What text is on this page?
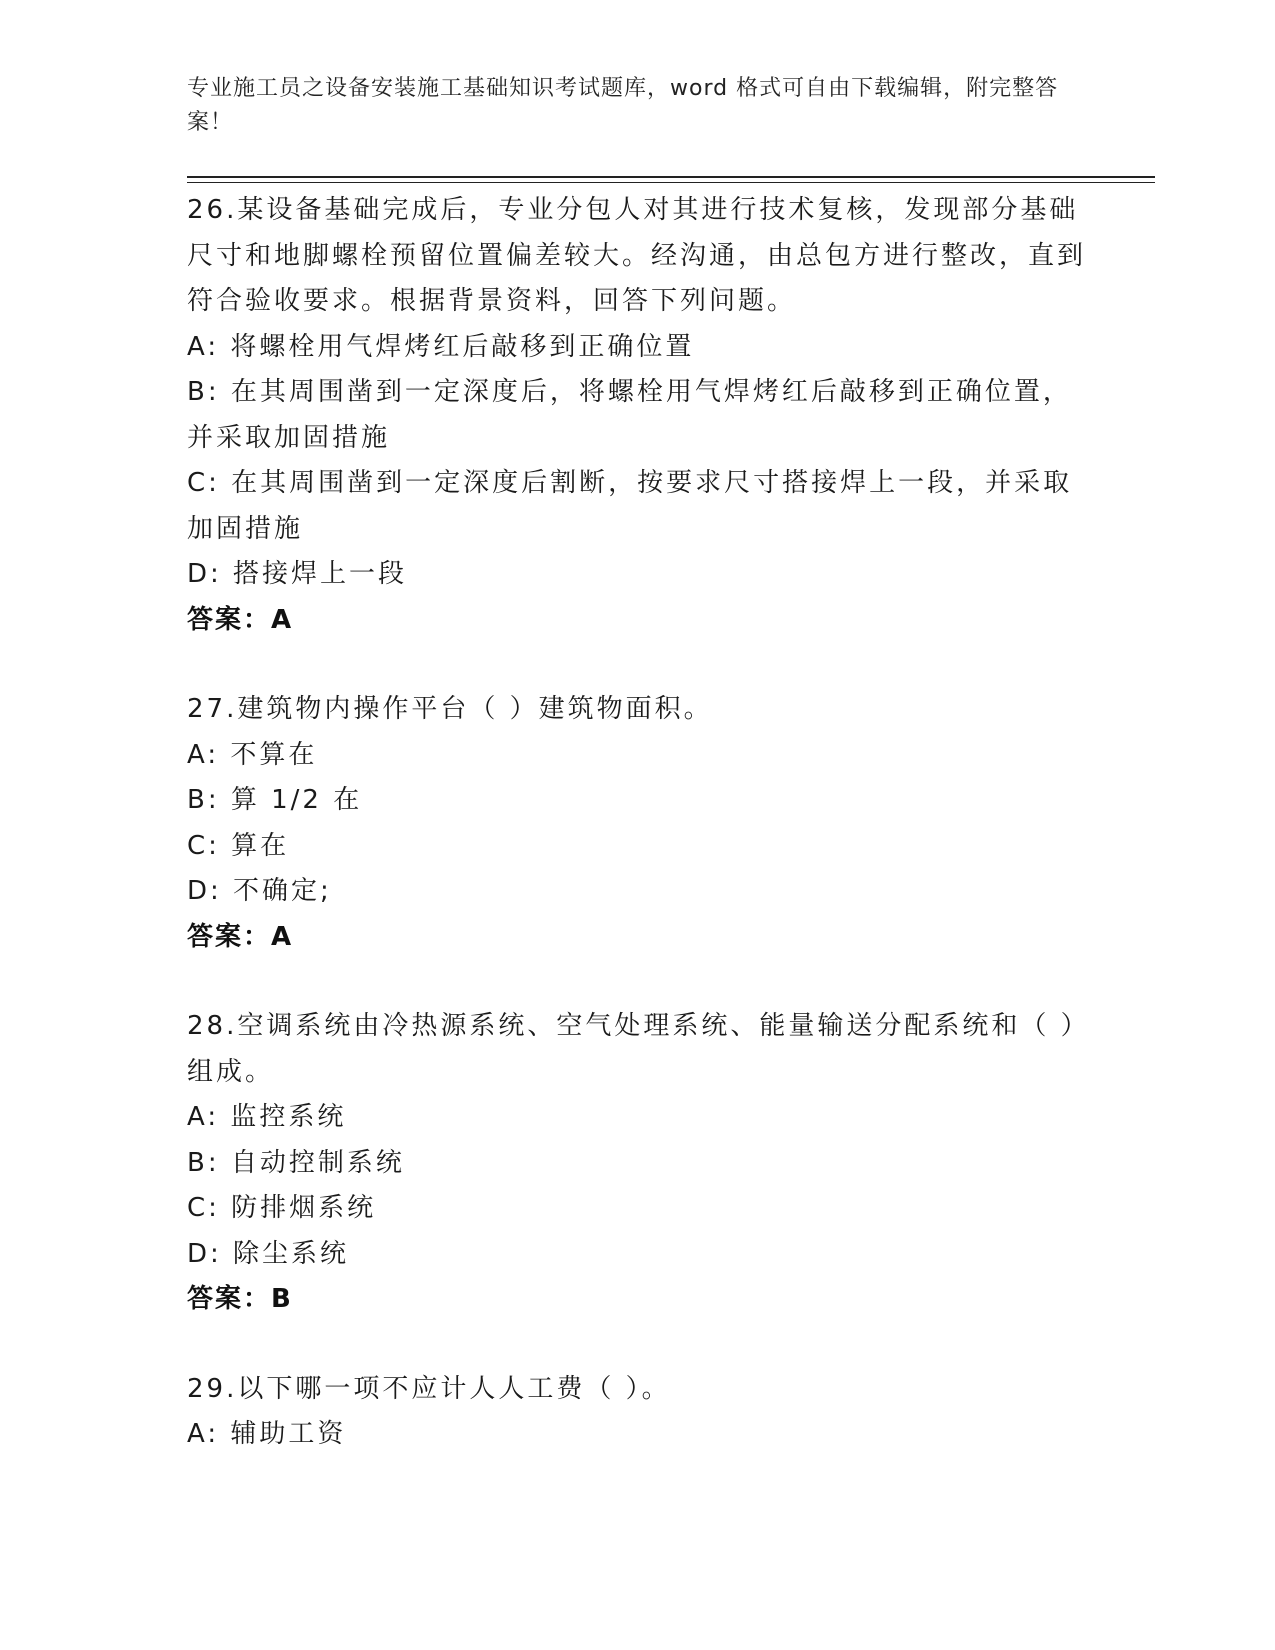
专业施工员之设备安装施工基础知识考试题库，word 格式可自由下载编辑，附完整答案！
26.某设备基础完成后，专业分包人对其进行技术复核，发现部分基础尺寸和地脚螺栓预留位置偏差较大。经沟通，由总包方进行整改，直到符合验收要求。根据背景资料，回答下列问题。
A: 将螺栓用气焊烤红后敲移到正确位置
B: 在其周围凿到一定深度后，将螺栓用气焊烤红后敲移到正确位置，并采取加固措施
C: 在其周围凿到一定深度后割断，按要求尺寸搭接焊上一段，并采取加固措施
D: 搭接焊上一段
答案：A
27.建筑物内操作平台（ ）建筑物面积。
A: 不算在
B: 算 1/2 在
C: 算在
D: 不确定;
答案：A
28.空调系统由冷热源系统、空气处理系统、能量输送分配系统和（ ）组成。
A: 监控系统
B: 自动控制系统
C: 防排烟系统
D: 除尘系统
答案：B
29.以下哪一项不应计人人工费（ ）。
A: 辅助工资
